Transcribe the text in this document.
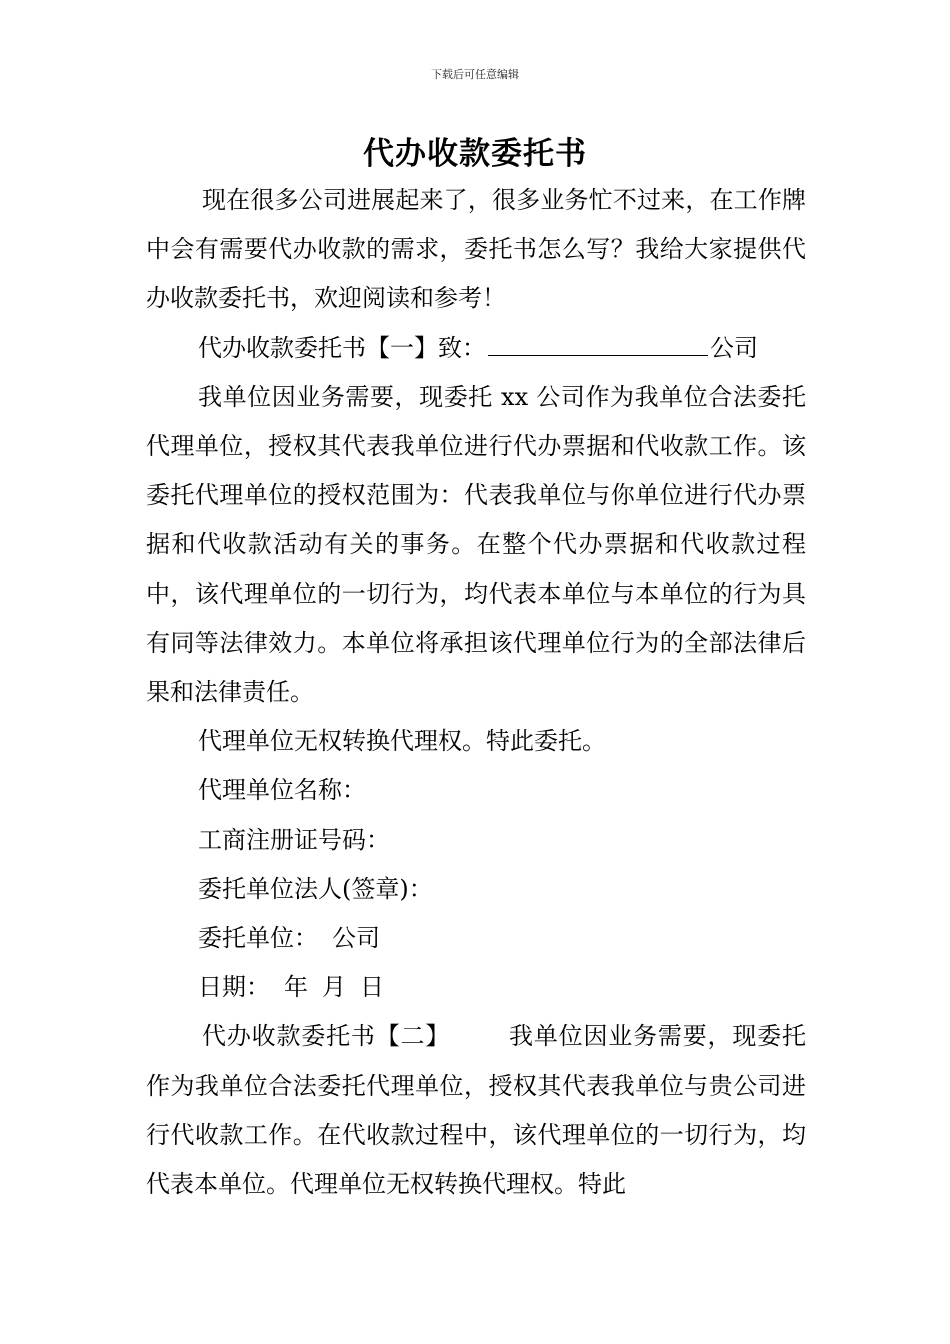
下载后可任意编辑
代办收款委托书

现在很多公司进展起来了，很多业务忙不过来，在工作牌中会有需要代办收款的需求，委托书怎么写？我给大家提供代办收款委托书，欢迎阅读和参考！

代办收款委托书【一】致：	公司

我单位因业务需要，现委托 xx 公司作为我单位合法委托代理单位，授权其代表我单位进行代办票据和代收款工作。该委托代理单位的授权范围为：代表我单位与你单位进行代办票据和代收款活动有关的事务。在整个代办票据和代收款过程中，该代理单位的一切行为，均代表本单位与本单位的行为具有同等法律效力。本单位将承担该代理单位行为的全部法律后果和法律责任。

代理单位无权转换代理权。特此委托。

代理单位名称：

工商注册证号码：

委托单位法人(签章)：

委托单位： 公司

日期： 年 月 日

代办收款委托书【二】 我单位因业务需要，现委托作为我单位合法委托代理单位，授权其代表我单位与贵公司进行代收款工作。在代收款过程中，该代理单位的一切行为，均代表本单位。代理单位无权转换代理权。特此
